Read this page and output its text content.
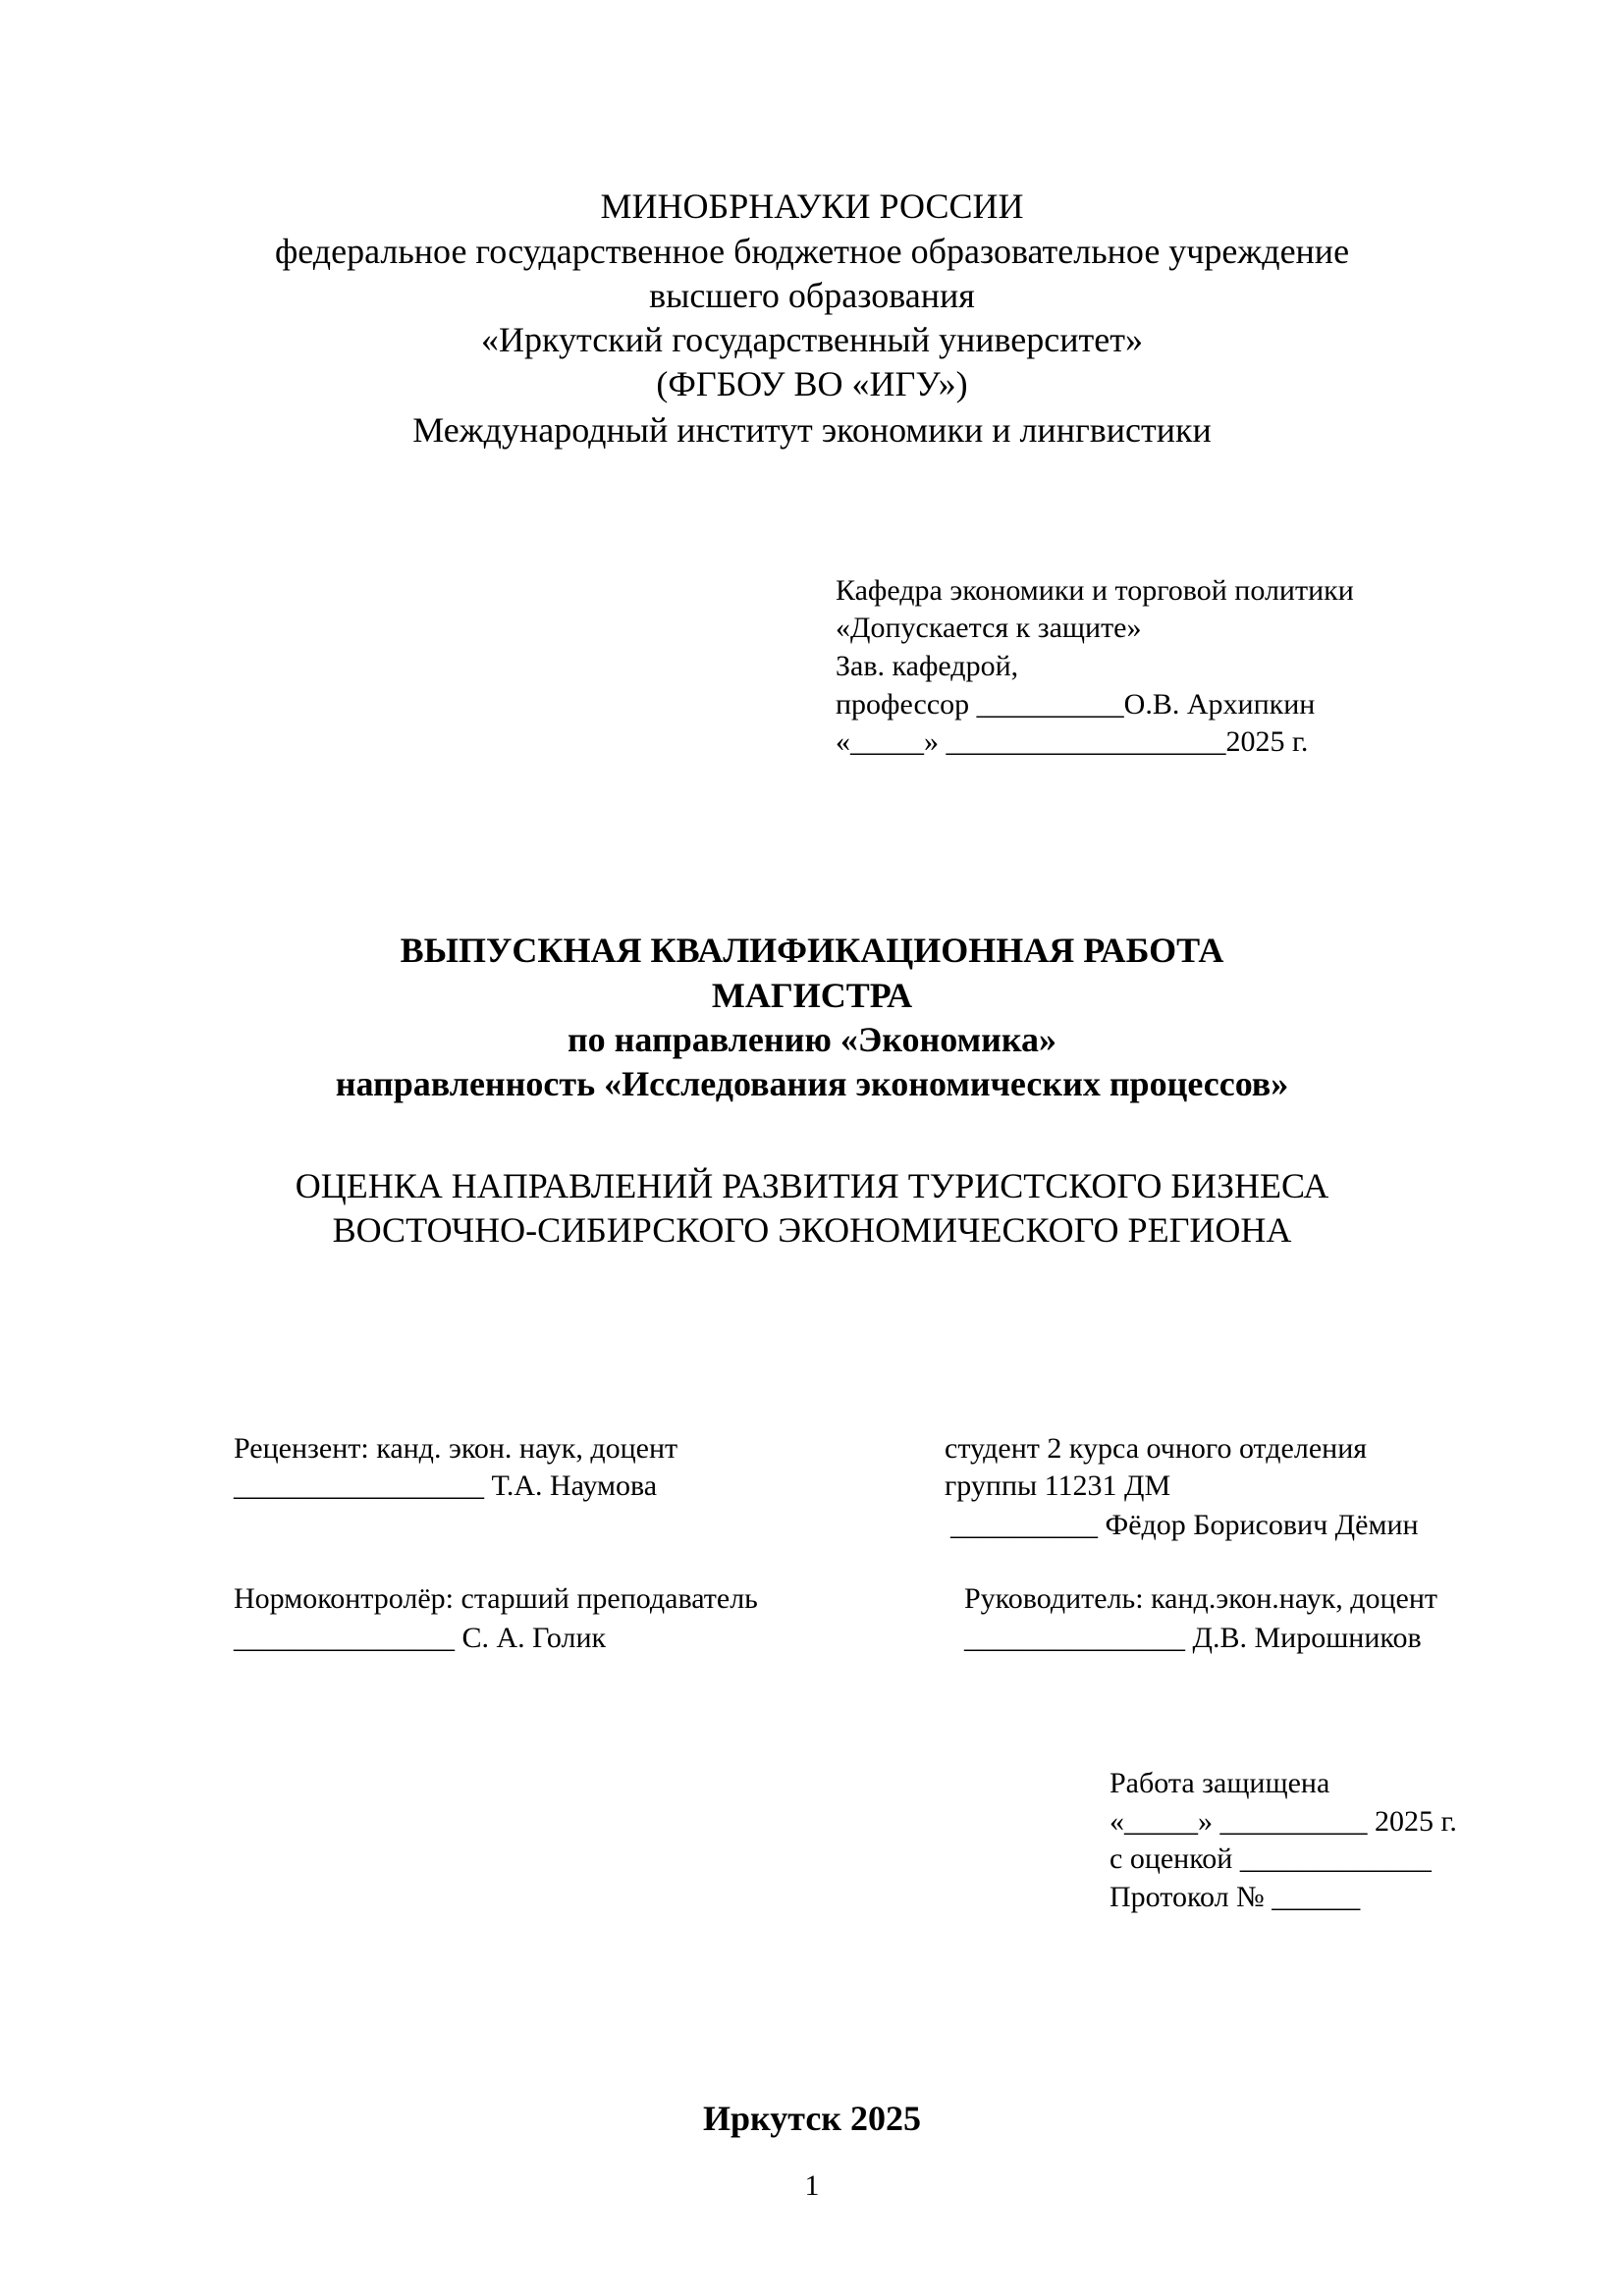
МИНОБРНАУКИ РОССИИ
федеральное государственное бюджетное образовательное учреждение
высшего образования
«Иркутский государственный университет»
(ФГБОУ ВО «ИГУ»)
Международный институт экономики и лингвистики
Кафедра экономики и торговой политики
«Допускается к защите»
Зав. кафедрой,
профессор __________О.В. Архипкин
«_____» ___________________2025 г.
ВЫПУСКНАЯ КВАЛИФИКАЦИОННАЯ РАБОТА
МАГИСТРА
по направлению «Экономика»
направленность «Исследования экономических процессов»
ОЦЕНКА НАПРАВЛЕНИЙ РАЗВИТИЯ ТУРИСТСКОГО БИЗНЕСА
ВОСТОЧНО-СИБИРСКОГО ЭКОНОМИЧЕСКОГО РЕГИОНА
Рецензент: канд. экон. наук, доцент
_________________ Т.А. Наумова
студент 2 курса очного отделения
группы 11231 ДМ
__________ Фёдор Борисович Дёмин
Нормоконтролёр: старший преподаватель
_______________ С. А. Голик
Руководитель: канд.экон.наук, доцент
_______________ Д.В. Мирошников
Работа защищена
«_____» __________ 2025 г.
с оценкой _____________
Протокол № ______
Иркутск 2025
1
